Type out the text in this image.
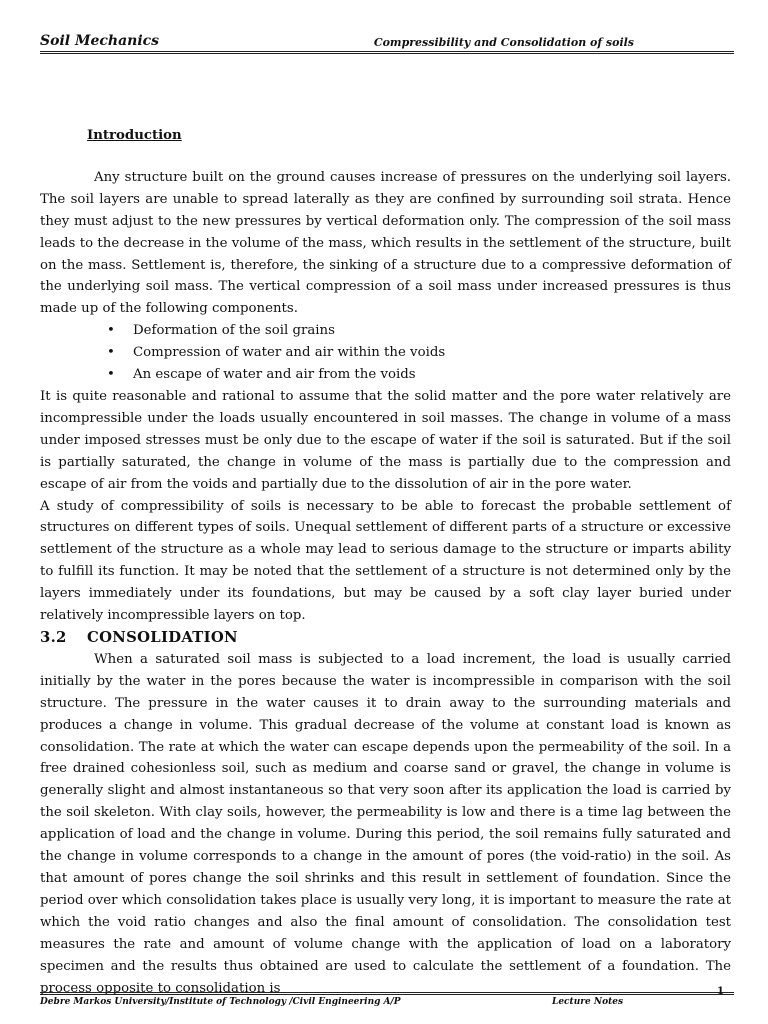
Soil Mechanics	Compressibility and Consolidation of soils
Introduction

Any structure built on the ground causes increase of pressures on the underlying soil layers. The soil layers are unable to spread laterally as they are confined by surrounding soil strata. Hence they must adjust to the new pressures by vertical deformation only. The compression of the soil mass leads to the decrease in the volume of the mass, which results in the settlement of the structure, built on the mass. Settlement is, therefore, the sinking of a structure due to a compressive deformation of the underlying soil mass. The vertical compression of a soil mass under increased pressures is thus made up of the following components.

• Deformation of the soil grains
• Compression of water and air within the voids
• An escape of water and air from the voids

It is quite reasonable and rational to assume that the solid matter and the pore water relatively are incompressible under the loads usually encountered in soil masses. The change in volume of a mass under imposed stresses must be only due to the escape of water if the soil is saturated. But if the soil is partially saturated, the change in volume of the mass is partially due to the compression and escape of air from the voids and partially due to the dissolution of air in the pore water.

A study of compressibility of soils is necessary to be able to forecast the probable settlement of structures on different types of soils. Unequal settlement of different parts of a structure or excessive settlement of the structure as a whole may lead to serious damage to the structure or imparts ability to fulfill its function. It may be noted that the settlement of a structure is not determined only by the layers immediately under its foundations, but may be caused by a soft clay layer buried under relatively incompressible layers on top.

3.2 CONSOLIDATION

When a saturated soil mass is subjected to a load increment, the load is usually carried initially by the water in the pores because the water is incompressible in comparison with the soil structure. The pressure in the water causes it to drain away to the surrounding materials and produces a change in volume. This gradual decrease of the volume at constant load is known as consolidation. The rate at which the water can escape depends upon the permeability of the soil. In a free drained cohesionless soil, such as medium and coarse sand or gravel, the change in volume is generally slight and almost instantaneous so that very soon after its application the load is carried by the soil skeleton. With clay soils, however, the permeability is low and there is a time lag between the application of load and the change in volume. During this period, the soil remains fully saturated and the change in volume corresponds to a change in the amount of pores (the void-ratio) in the soil. As that amount of pores change the soil shrinks and this result in settlement of foundation. Since the period over which consolidation takes place is usually very long, it is important to measure the rate at which the void ratio changes and also the final amount of consolidation. The consolidation test measures the rate and amount of volume change with the application of load on a laboratory specimen and the results thus obtained are used to calculate the settlement of a foundation. The process opposite to consolidation is	1
Debre Markos University/Institute of Technology /Civil Engineering A/P	Lecture Notes
